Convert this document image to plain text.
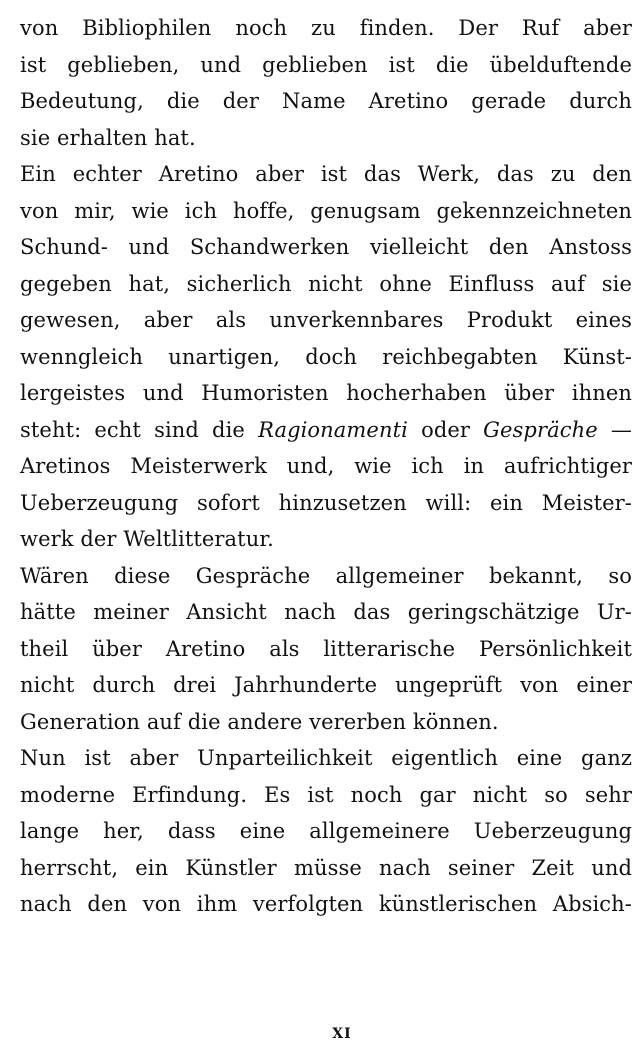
von Bibliophilen noch zu finden. Der Ruf aber
ist geblieben, und geblieben ist die übelduftende
Bedeutung, die der Name Aretino gerade durch
sie erhalten hat.
Ein echter Aretino aber ist das Werk, das zu den
von mir, wie ich hoffe, genugsam gekennzeichneten
Schund- und Schandwerken vielleicht den Anstoss
gegeben hat, sicherlich nicht ohne Einfluss auf sie
gewesen, aber als unverkennbares Produkt eines
wenngleich unartigen, doch reichbegabten Künst-
lergeistes und Humoristen hocherhaben über ihnen
steht: echt sind die Ragionamenti oder Gespräche —
Aretinos Meisterwerk und, wie ich in aufrichtiger
Ueberzeugung sofort hinzusetzen will: ein Meister-
werk der Weltlitteratur.
Wären diese Gespräche allgemeiner bekannt, so
hätte meiner Ansicht nach das geringschätzige Ur-
theil über Aretino als litterarische Persönlichkeit
nicht durch drei Jahrhunderte ungeprüft von einer
Generation auf die andere vererben können.
Nun ist aber Unparteilichkeit eigentlich eine ganz
moderne Erfindung. Es ist noch gar nicht so sehr
lange her, dass eine allgemeinere Ueberzeugung
herrscht, ein Künstler müsse nach seiner Zeit und
nach den von ihm verfolgten künstlerischen Absich-
XI
